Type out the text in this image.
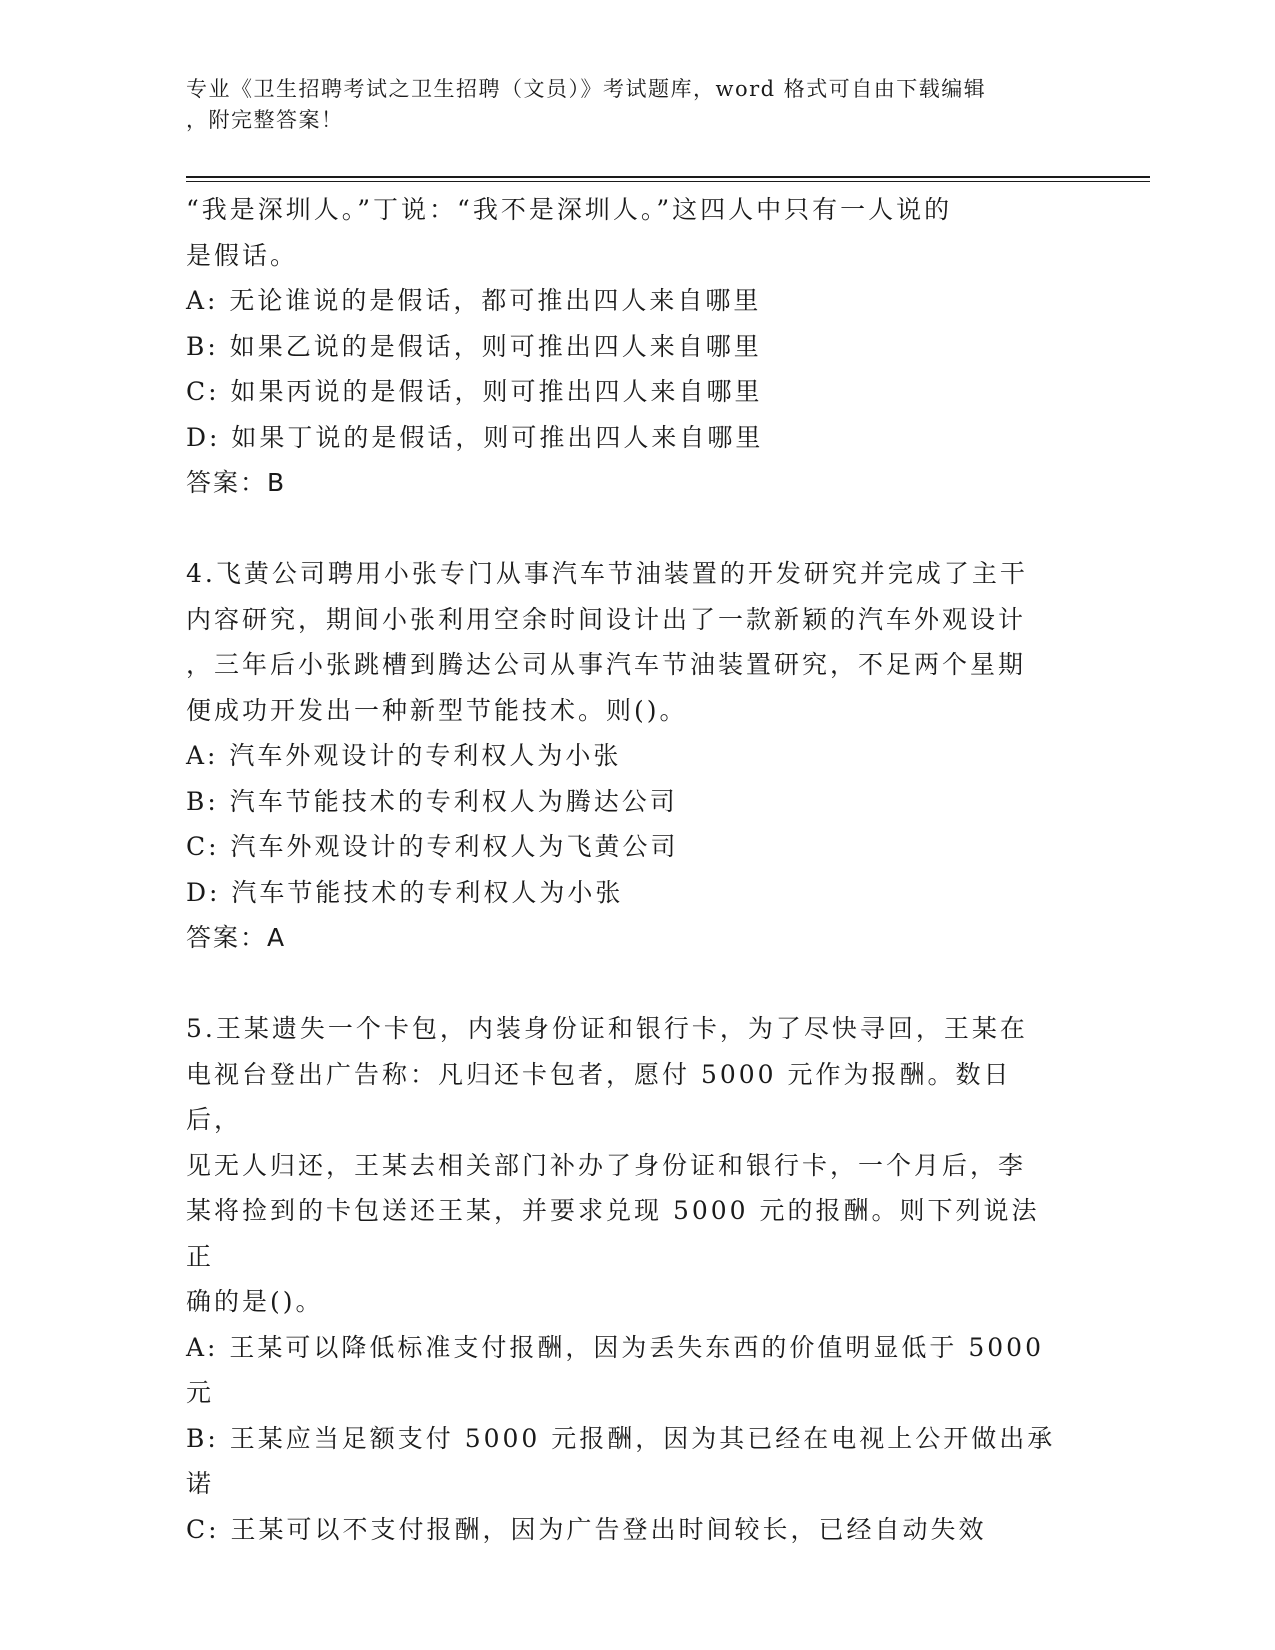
专业《卫生招聘考试之卫生招聘（文员）》考试题库，word 格式可自由下载编辑
，附完整答案！

“我是深圳人。”丁说：“我不是深圳人。”这四人中只有一人说的

是假话。

A: 无论谁说的是假话，都可推出四人来自哪里

B: 如果乙说的是假话，则可推出四人来自哪里

C: 如果丙说的是假话，则可推出四人来自哪里

D: 如果丁说的是假话，则可推出四人来自哪里

答案：B

4.飞黄公司聘用小张专门从事汽车节油装置的开发研究并完成了主干

内容研究，期间小张利用空余时间设计出了一款新颖的汽车外观设计

，三年后小张跳槽到腾达公司从事汽车节油装置研究，不足两个星期

便成功开发出一种新型节能技术。则()。

A: 汽车外观设计的专利权人为小张

B: 汽车节能技术的专利权人为腾达公司

C: 汽车外观设计的专利权人为飞黄公司

D: 汽车节能技术的专利权人为小张

答案：A

5.王某遗失一个卡包，内装身份证和银行卡，为了尽快寻回，王某在

电视台登出广告称：凡归还卡包者，愿付 5000 元作为报酬。数日后，

见无人归还，王某去相关部门补办了身份证和银行卡，一个月后，李

某将捡到的卡包送还王某，并要求兑现 5000 元的报酬。则下列说法正

确的是()。

A: 王某可以降低标准支付报酬，因为丢失东西的价值明显低于 5000

元

B: 王某应当足额支付 5000 元报酬，因为其已经在电视上公开做出承

诺

C: 王某可以不支付报酬，因为广告登出时间较长，已经自动失效
